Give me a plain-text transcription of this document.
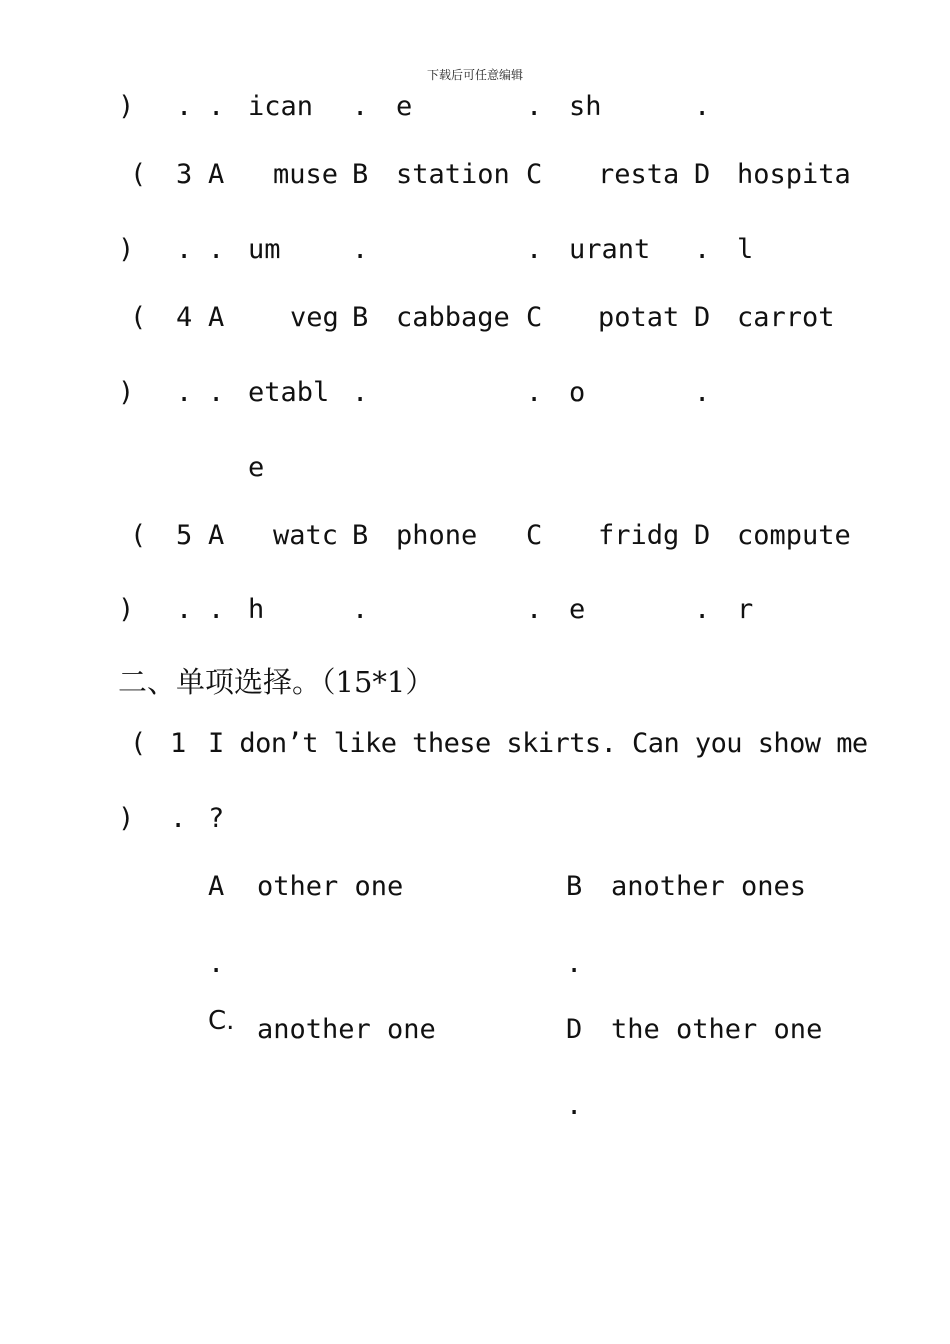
下载后可任意编辑
) . . ican . e	. sh	.
( 3 A muse B station C resta D hospita
) . . um	.	. urant . l
( 4 A veg B cabbage C potat D carrot
) . . etabl .	. o	.
e
( 5 A watc B phone C fridg D compute
) . . h	.	. e	. r
二、单项选择。（15*1）
( 1 I don’t like these skirts. Can you show me
) . ?
A other one
.
B another ones
.
C. another one	D the other one
.
